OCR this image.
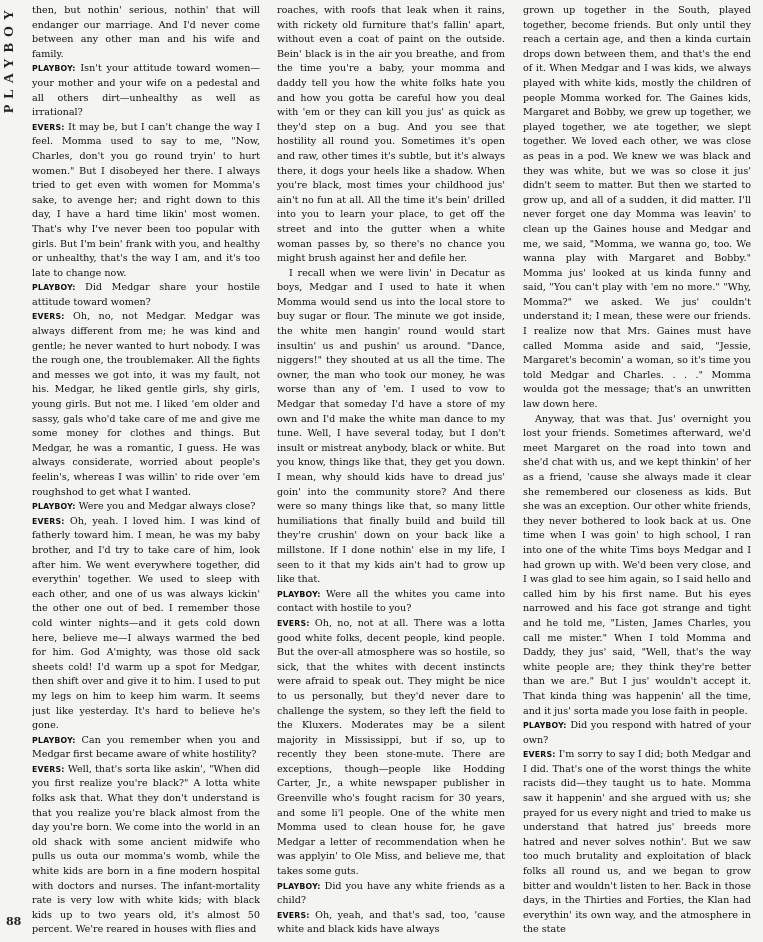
PLAYBOY
88

then, but nothin' serious, nothin' that will endanger our marriage. And I'd never come between any other man and his wife and family.

PLAYBOY: Isn't your attitude toward women—your mother and your wife on a pedestal and all others dirt—unhealthy as well as irrational?

EVERS: It may be, but I can't change the way I feel. Momma used to say to me, "Now, Charles, don't you go round tryin' to hurt women." But I disobeyed her there. I always tried to get even with women for Momma's sake, to avenge her; and right down to this day, I have a hard time likin' most women. That's why I've never been too popular with girls. But I'm bein' frank with you, and healthy or unhealthy, that's the way I am, and it's too late to change now.

PLAYBOY: Did Medgar share your hostile attitude toward women?

EVERS: Oh, no, not Medgar. Medgar was always different from me; he was kind and gentle; he never wanted to hurt nobody. I was the rough one, the troublemaker. All the fights and messes we got into, it was my fault, not his. Medgar, he liked gentle girls, shy girls, young girls. But not me. I liked 'em older and sassy, gals who'd take care of me and give me some money for clothes and things. But Medgar, he was a romantic, I guess. He was always considerate, worried about people's feelin's, whereas I was willin' to ride over 'em roughshod to get what I wanted.

PLAYBOY: Were you and Medgar always close?

EVERS: Oh, yeah. I loved him. I was kind of fatherly toward him. I mean, he was my baby brother, and I'd try to take care of him, look after him. We went everywhere together, did everythin' together. We used to sleep with each other, and one of us was always kickin' the other one out of bed. I remember those cold winter nights—and it gets cold down here, believe me—I always warmed the bed for him. God A'mighty, was those old sack sheets cold! I'd warm up a spot for Medgar, then shift over and give it to him. I used to put my legs on him to keep him warm. It seems just like yesterday. It's hard to believe he's gone.

PLAYBOY: Can you remember when you and Medgar first became aware of white hostility?

EVERS: Well, that's sorta like askin', "When did you first realize you're black?" A lotta white folks ask that. What they don't understand is that you realize you're black almost from the day you're born. We come into the world in an old shack with some ancient midwife who pulls us outa our momma's womb, while the white kids are born in a fine modern hospital with doctors and nurses. The infant-mortality rate is very low with white kids; with black kids up to two years old, it's almost 50 percent. We're reared in houses with flies and

roaches, with roofs that leak when it rains, with rickety old furniture that's fallin' apart, without even a coat of paint on the outside. Bein' black is in the air you breathe, and from the time you're a baby, your momma and daddy tell you how the white folks hate you and how you gotta be careful how you deal with 'em or they can kill you jus' as quick as they'd step on a bug. And you see that hostility all round you. Sometimes it's open and raw, other times it's subtle, but it's always there, it dogs your heels like a shadow. When you're black, most times your childhood jus' ain't no fun at all. All the time it's bein' drilled into you to learn your place, to get off the street and into the gutter when a white woman passes by, so there's no chance you might brush against her and defile her.

I recall when we were livin' in Decatur as boys, Medgar and I used to hate it when Momma would send us into the local store to buy sugar or flour. The minute we got inside, the white men hangin' round would start insultin' us and pushin' us around. "Dance, niggers!" they shouted at us all the time. The owner, the man who took our money, he was worse than any of 'em. I used to vow to Medgar that someday I'd have a store of my own and I'd make the white man dance to my tune. Well, I have several today, but I don't insult or mistreat anybody, black or white. But you know, things like that, they get you down. I mean, why should kids have to dread jus' goin' into the community store? And there were so many things like that, so many little humiliations that finally build and build till they're crushin' down on your back like a millstone. If I done nothin' else in my life, I seen to it that my kids ain't had to grow up like that.

PLAYBOY: Were all the whites you came into contact with hostile to you?

EVERS: Oh, no, not at all. There was a lotta good white folks, decent people, kind people. But the over-all atmosphere was so hostile, so sick, that the whites with decent instincts were afraid to speak out. They might be nice to us personally, but they'd never dare to challenge the system, so they left the field to the Kluxers. Moderates may be a silent majority in Mississippi, but if so, up to recently they been stone-mute. There are exceptions, though—people like Hodding Carter, Jr., a white newspaper publisher in Greenville who's fought racism for 30 years, and some li'l people. One of the white men Momma used to clean house for, he gave Medgar a letter of recommendation when he was applyin' to Ole Miss, and believe me, that takes some guts.

PLAYBOY: Did you have any white friends as a child?

EVERS: Oh, yeah, and that's sad, too, 'cause white and black kids have always

grown up together in the South, played together, become friends. But only until they reach a certain age, and then a kinda curtain drops down between them, and that's the end of it. When Medgar and I was kids, we always played with white kids, mostly the children of people Momma worked for. The Gaines kids, Margaret and Bobby, we grew up together, we played together, we ate together, we slept together. We loved each other, we was close as peas in a pod. We knew we was black and they was white, but we was so close it jus' didn't seem to matter. But then we started to grow up, and all of a sudden, it did matter. I'll never forget one day Momma was leavin' to clean up the Gaines house and Medgar and me, we said, "Momma, we wanna go, too. We wanna play with Margaret and Bobby." Momma jus' looked at us kinda funny and said, "You can't play with 'em no more." "Why, Momma?" we asked. We jus' couldn't understand it; I mean, these were our friends. I realize now that Mrs. Gaines must have called Momma aside and said, "Jessie, Margaret's becomin' a woman, so it's time you told Medgar and Charles. . . ." Momma woulda got the message; that's an unwritten law down here.

Anyway, that was that. Jus' overnight you lost your friends. Sometimes afterward, we'd meet Margaret on the road into town and she'd chat with us, and we kept thinkin' of her as a friend, 'cause she always made it clear she remembered our closeness as kids. But she was an exception. Our other white friends, they never bothered to look back at us. One time when I was goin' to high school, I ran into one of the white Tims boys Medgar and I had grown up with. We'd been very close, and I was glad to see him again, so I said hello and called him by his first name. But his eyes narrowed and his face got strange and tight and he told me, "Listen, James Charles, you call me mister." When I told Momma and Daddy, they jus' said, "Well, that's the way white people are; they think they're better than we are." But I jus' wouldn't accept it. That kinda thing was happenin' all the time, and it jus' sorta made you lose faith in people.

PLAYBOY: Did you respond with hatred of your own?

EVERS: I'm sorry to say I did; both Medgar and I did. That's one of the worst things the white racists did—they taught us to hate. Momma saw it happenin' and she argued with us; she prayed for us every night and tried to make us understand that hatred jus' breeds more hatred and never solves nothin'. But we saw too much brutality and exploitation of black folks all round us, and we began to grow bitter and wouldn't listen to her. Back in those days, in the Thirties and Forties, the Klan had everythin' its own way, and the atmosphere in the state
